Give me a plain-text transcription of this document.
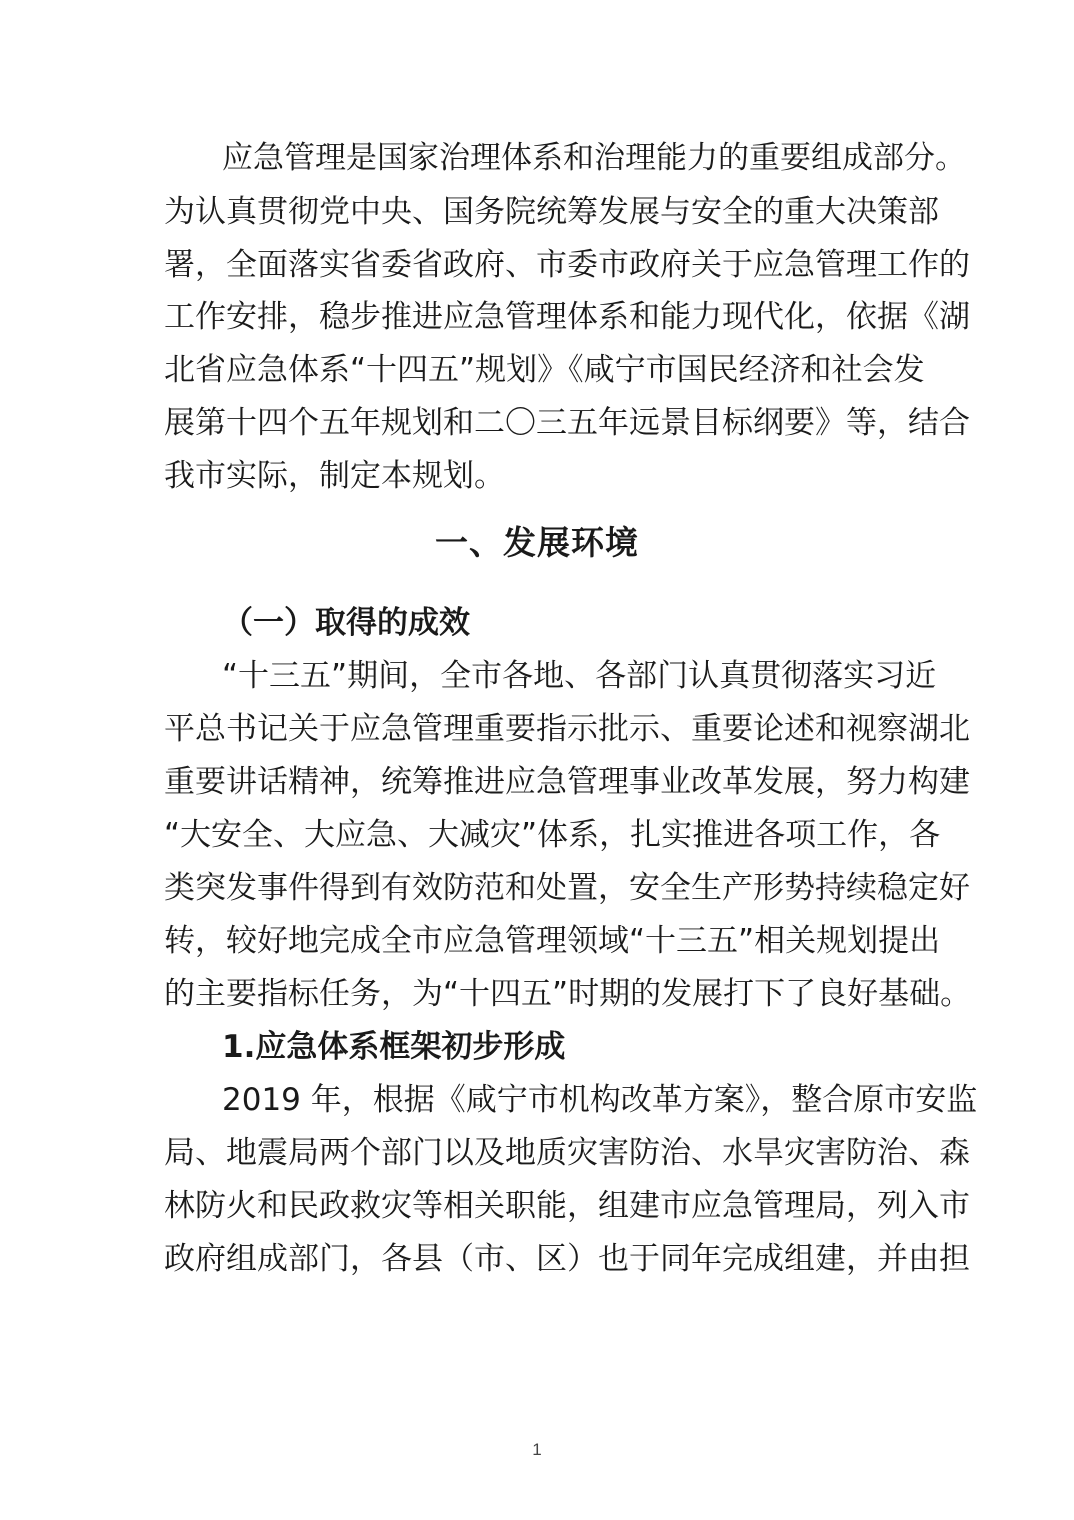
应急管理是国家治理体系和治理能力的重要组成部分。
为认真贯彻党中央、国务院统筹发展与安全的重大决策部
署，全面落实省委省政府、市委市政府关于应急管理工作的
工作安排，稳步推进应急管理体系和能力现代化，依据《湖
北省应急体系“十四五”规划》《咸宁市国民经济和社会发
展第十四个五年规划和二〇三五年远景目标纲要》等，结合
我市实际，制定本规划。
一、发展环境
（一）取得的成效
“十三五”期间，全市各地、各部门认真贯彻落实习近
平总书记关于应急管理重要指示批示、重要论述和视察湖北
重要讲话精神，统筹推进应急管理事业改革发展，努力构建
“大安全、大应急、大减灾”体系，扎实推进各项工作，各
类突发事件得到有效防范和处置，安全生产形势持续稳定好
转，较好地完成全市应急管理领域“十三五”相关规划提出
的主要指标任务，为“十四五”时期的发展打下了良好基础。
1.应急体系框架初步形成
2019 年，根据《咸宁市机构改革方案》，整合原市安监
局、地震局两个部门以及地质灾害防治、水旱灾害防治、森
林防火和民政救灾等相关职能，组建市应急管理局，列入市
政府组成部门，各县（市、区）也于同年完成组建，并由担
1
